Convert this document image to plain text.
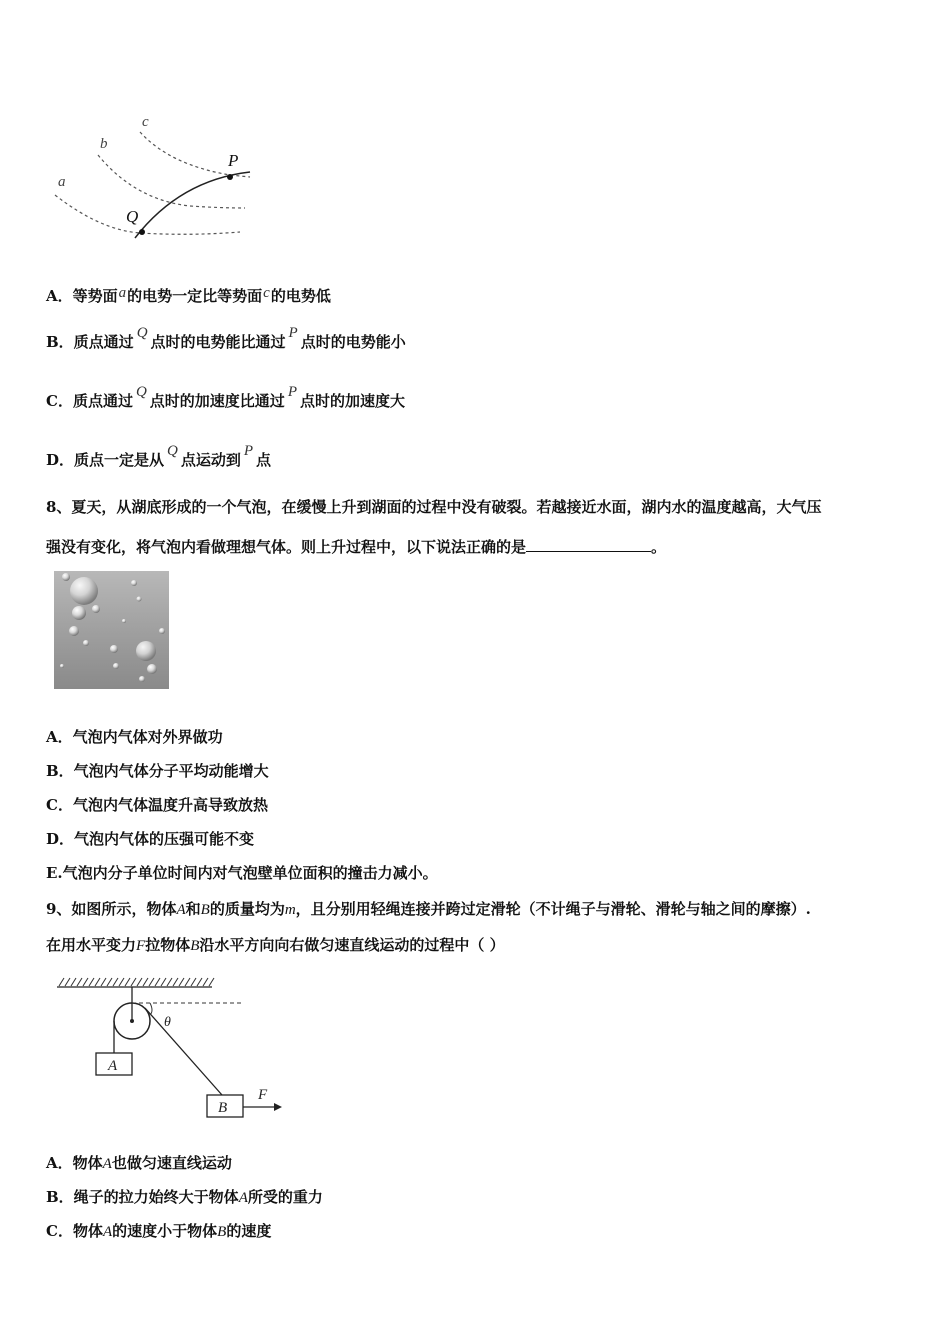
a
b
c
P
Q
A．等势面a的电势一定比等势面c的电势低
B．质点通过 Q 点时的电势能比通过 P 点时的电势能小
C．质点通过 Q 点时的加速度比通过 P 点时的加速度大
D．质点一定是从 Q 点运动到 P 点
8、夏天，从湖底形成的一个气泡，在缓慢上升到湖面的过程中没有破裂。若越接近水面，湖内水的温度越高，大气压
强没有变化，将气泡内看做理想气体。则上升过程中，以下说法正确的是	。
A．气泡内气体对外界做功
B．气泡内气体分子平均动能增大
C．气泡内气体温度升高导致放热
D．气泡内气体的压强可能不变
E.气泡内分子单位时间内对气泡壁单位面积的撞击力减小。
9、如图所示，物体A和B的质量均为m，且分别用轻绳连接并跨过定滑轮（不计绳子与滑轮、滑轮与轴之间的摩擦）.
在用水平变力F拉物体B沿水平方向向右做匀速直线运动的过程中（ ）
θ
A
B
F
A．物体A也做匀速直线运动
B．绳子的拉力始终大于物体A所受的重力
C．物体A的速度小于物体B的速度
